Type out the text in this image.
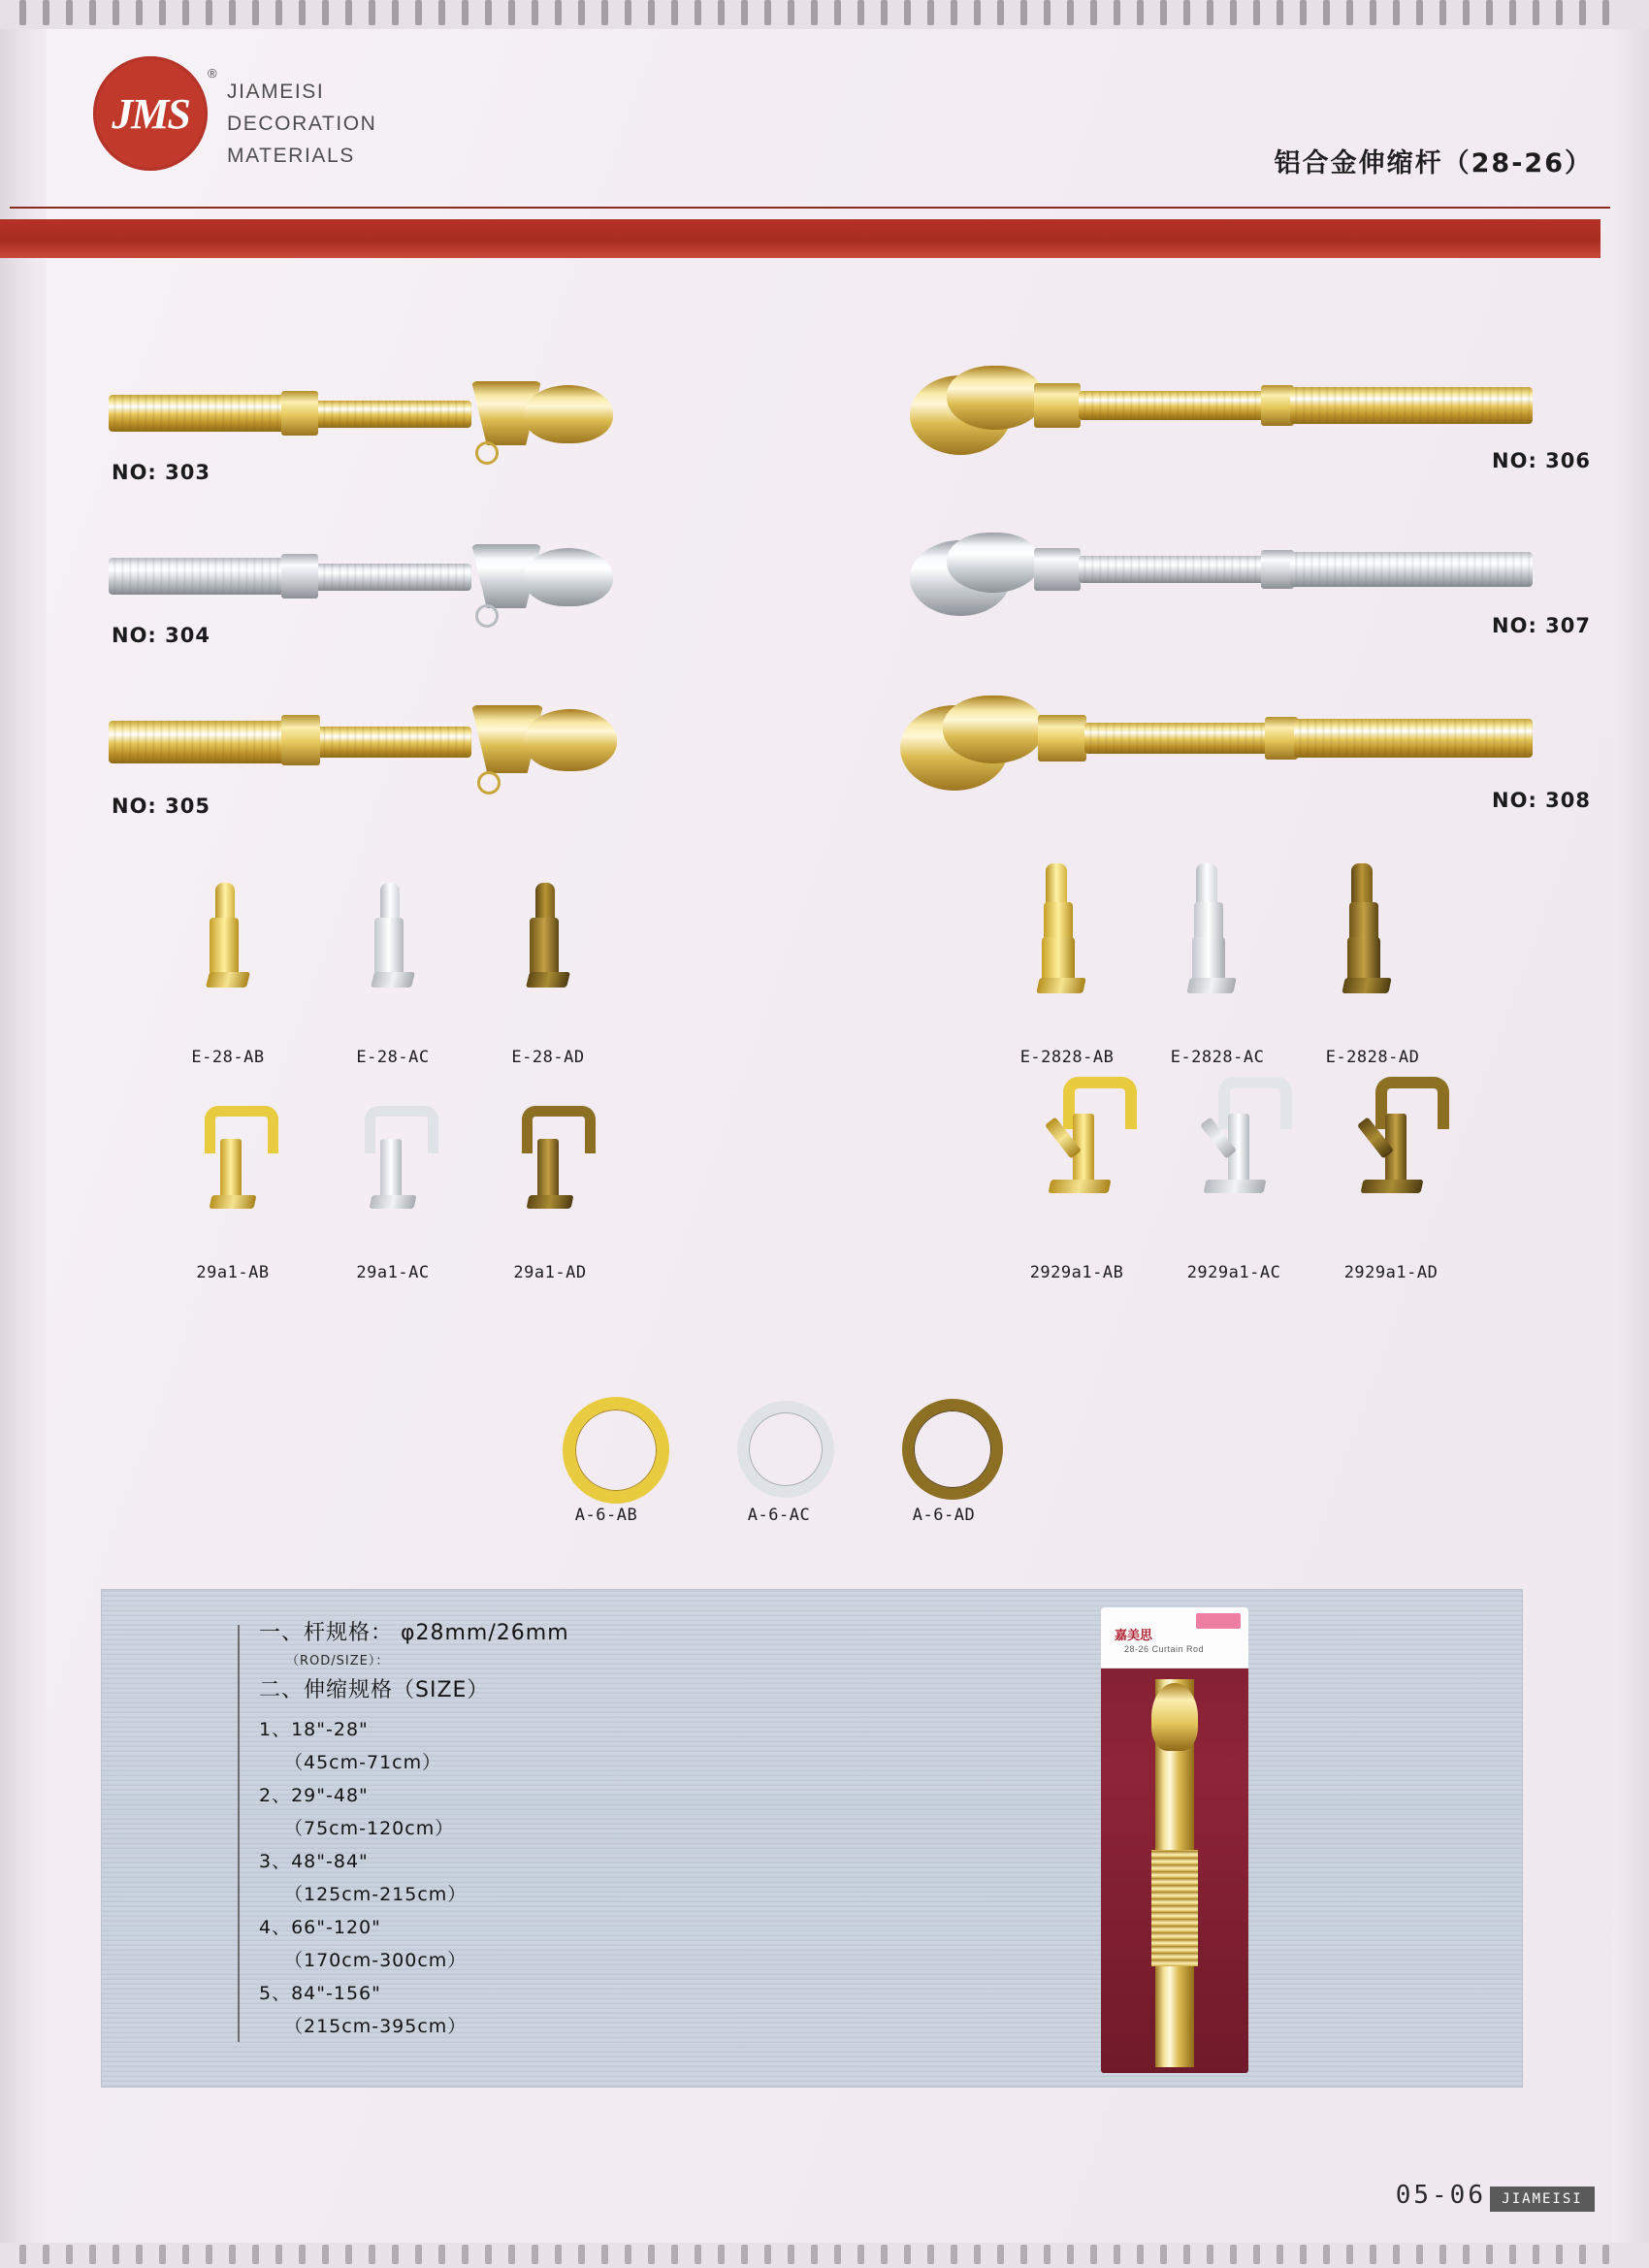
JMS
®
JIAMEISI
DECORATION
MATERIALS	铝合金伸缩杆（28-26）
NO: 303
NO: 304
NO: 305
NO: 306
NO: 307
NO: 308
E-28-AB	E-28-AC	E-28-AD	E-2828-AB	E-2828-AC	E-2828-AD
29a1-AB	29a1-AC	29a1-AD	2929a1-AB	2929a1-AC	2929a1-AD
A-6-AB	A-6-AC	A-6-AD
一、杆规格： φ28mm/26mm
（ROD/SIZE）：
二、伸缩规格（SIZE）
1、18"-28"
（45cm-71cm）
2、29"-48"
（75cm-120cm）
3、48"-84"
（125cm-215cm）
4、66"-120"
（170cm-300cm）
5、84"-156"
（215cm-395cm）
嘉美思
28-26 Curtain Rod
05-06	JIAMEISI
